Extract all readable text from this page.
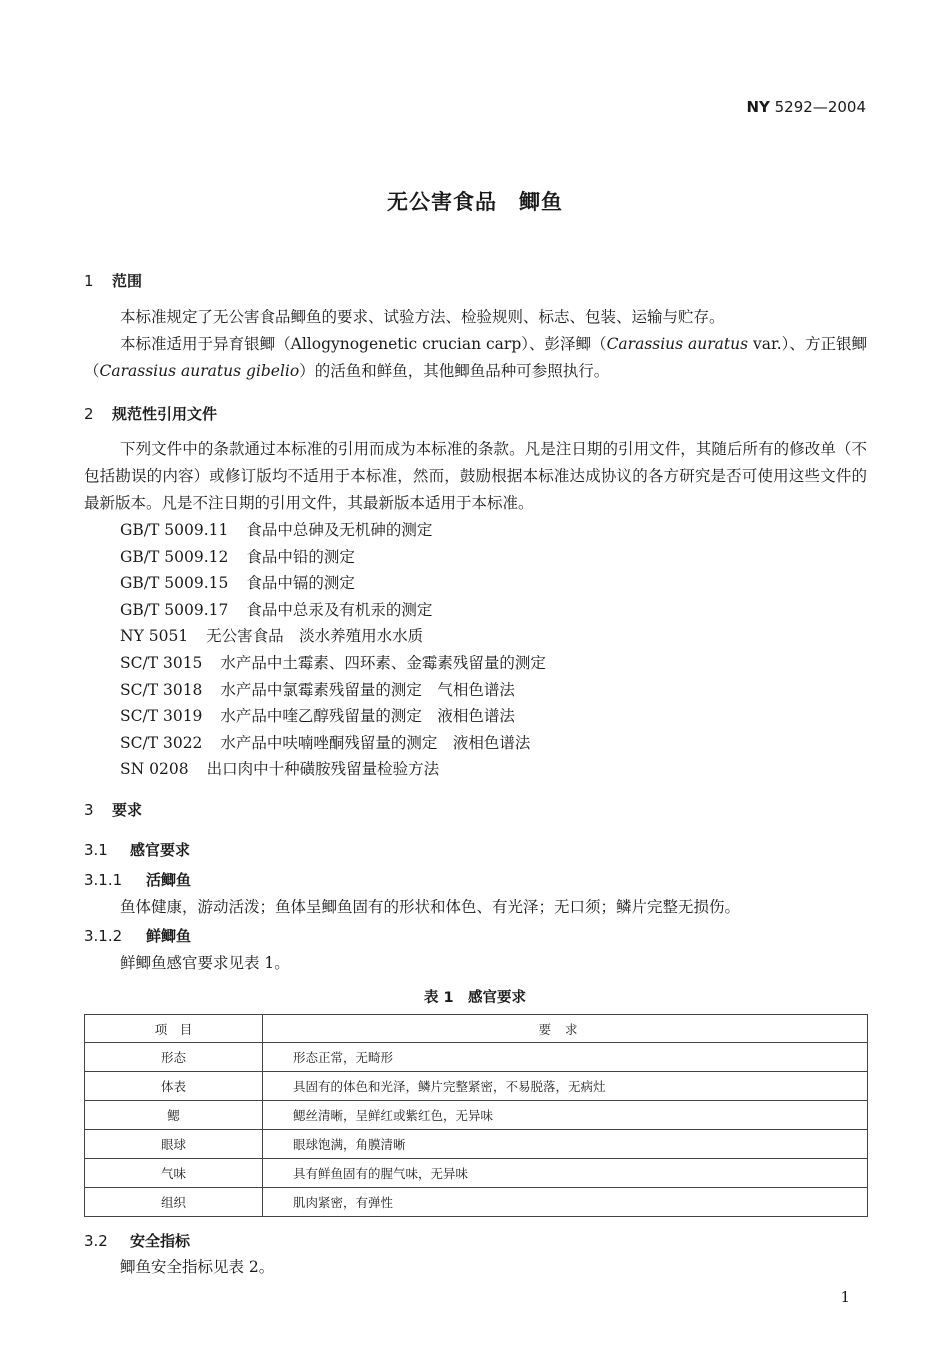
NY 5292—2004
无公害食品　鲫鱼
1 范围
本标准规定了无公害食品鲫鱼的要求、试验方法、检验规则、标志、包装、运输与贮存。
本标准适用于异育银鲫（Allogynogenetic crucian carp）、彭泽鲫（Carassius auratus var.）、方正银鲫（Carassius auratus gibelio）的活鱼和鲜鱼，其他鲫鱼品种可参照执行。
2 规范性引用文件
下列文件中的条款通过本标准的引用而成为本标准的条款。凡是注日期的引用文件，其随后所有的修改单（不包括勘误的内容）或修订版均不适用于本标准，然而，鼓励根据本标准达成协议的各方研究是否可使用这些文件的最新版本。凡是不注日期的引用文件，其最新版本适用于本标准。
GB/T 5009.11 食品中总砷及无机砷的测定
GB/T 5009.12 食品中铅的测定
GB/T 5009.15 食品中镉的测定
GB/T 5009.17 食品中总汞及有机汞的测定
NY 5051 无公害食品　淡水养殖用水水质
SC/T 3015 水产品中土霉素、四环素、金霉素残留量的测定
SC/T 3018 水产品中氯霉素残留量的测定　气相色谱法
SC/T 3019 水产品中喹乙醇残留量的测定　液相色谱法
SC/T 3022 水产品中呋喃唑酮残留量的测定　液相色谱法
SN 0208 出口肉中十种磺胺残留量检验方法
3 要求
3.1 感官要求
3.1.1 活鲫鱼
鱼体健康，游动活泼；鱼体呈鲫鱼固有的形状和体色、有光泽；无口须；鳞片完整无损伤。
3.1.2 鲜鲫鱼
鲜鲫鱼感官要求见表 1。
表 1　感官要求
项　目	要求
形态	形态正常，无畸形
体表	具固有的体色和光泽，鳞片完整紧密，不易脱落，无病灶
鳃	鳃丝清晰，呈鲜红或紫红色，无异味
眼球	眼球饱满，角膜清晰
气味	具有鲜鱼固有的腥气味，无异味
组织	肌肉紧密，有弹性
3.2 安全指标
鲫鱼安全指标见表 2。
1
